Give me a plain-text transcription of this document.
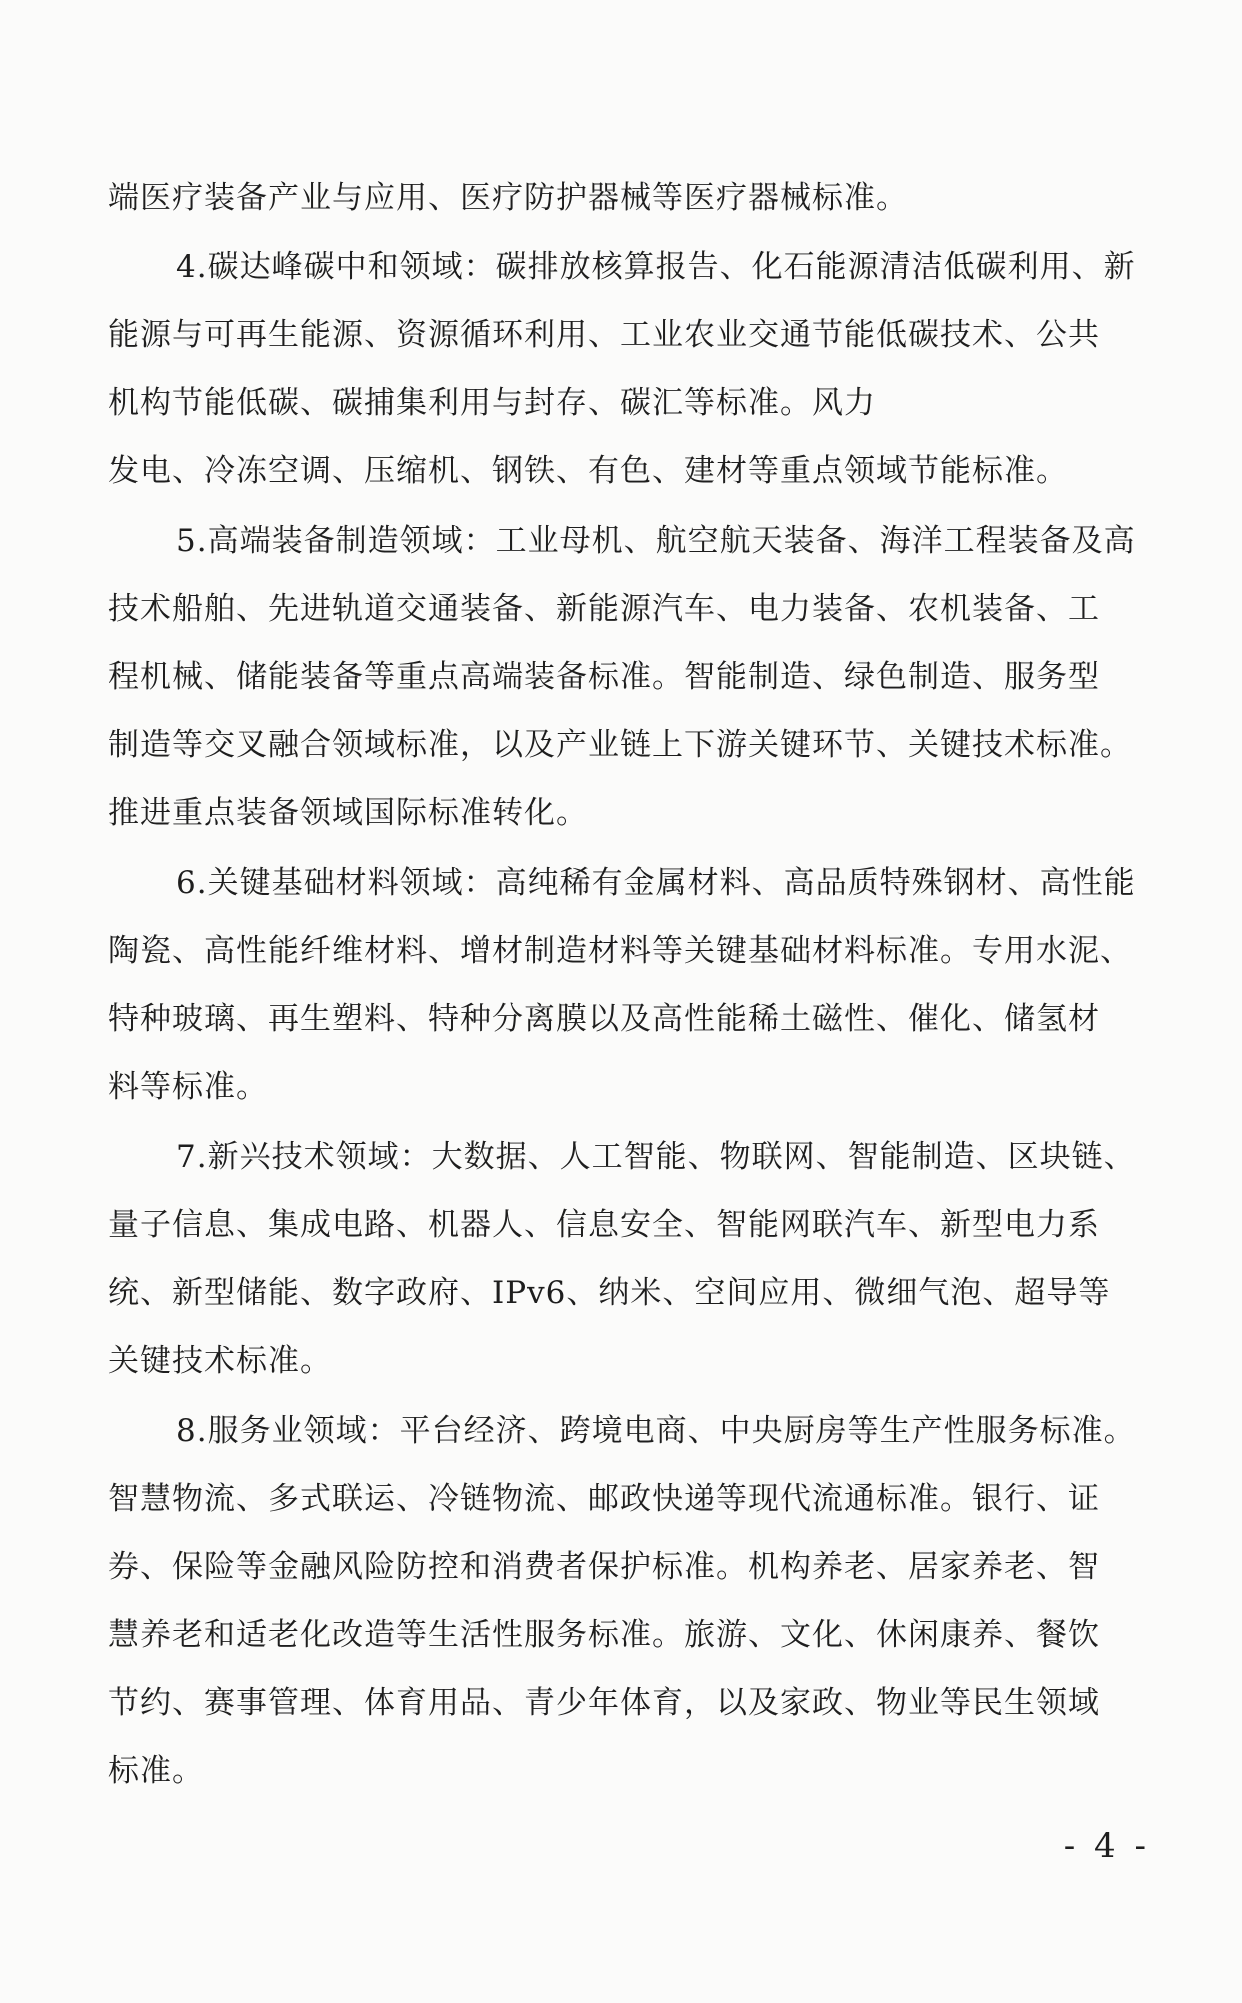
端医疗装备产业与应用、医疗防护器械等医疗器械标准。
4.碳达峰碳中和领域：碳排放核算报告、化石能源清洁低碳利用、新
能源与可再生能源、资源循环利用、工业农业交通节能低碳技术、公共
机构节能低碳、碳捕集利用与封存、碳汇等标准。风力
发电、冷冻空调、压缩机、钢铁、有色、建材等重点领域节能标准。
5.高端装备制造领域：工业母机、航空航天装备、海洋工程装备及高
技术船舶、先进轨道交通装备、新能源汽车、电力装备、农机装备、工
程机械、储能装备等重点高端装备标准。智能制造、绿色制造、服务型
制造等交叉融合领域标准，以及产业链上下游关键环节、关键技术标准。
推进重点装备领域国际标准转化。
6.关键基础材料领域：高纯稀有金属材料、高品质特殊钢材、高性能
陶瓷、高性能纤维材料、增材制造材料等关键基础材料标准。专用水泥、
特种玻璃、再生塑料、特种分离膜以及高性能稀土磁性、催化、储氢材
料等标准。
7.新兴技术领域：大数据、人工智能、物联网、智能制造、区块链、
量子信息、集成电路、机器人、信息安全、智能网联汽车、新型电力系
统、新型储能、数字政府、IPv6、纳米、空间应用、微细气泡、超导等
关键技术标准。
8.服务业领域：平台经济、跨境电商、中央厨房等生产性服务标准。
智慧物流、多式联运、冷链物流、邮政快递等现代流通标准。银行、证
券、保险等金融风险防控和消费者保护标准。机构养老、居家养老、智
慧养老和适老化改造等生活性服务标准。旅游、文化、休闲康养、餐饮
节约、赛事管理、体育用品、青少年体育，以及家政、物业等民生领域
标准。
- 4 -
